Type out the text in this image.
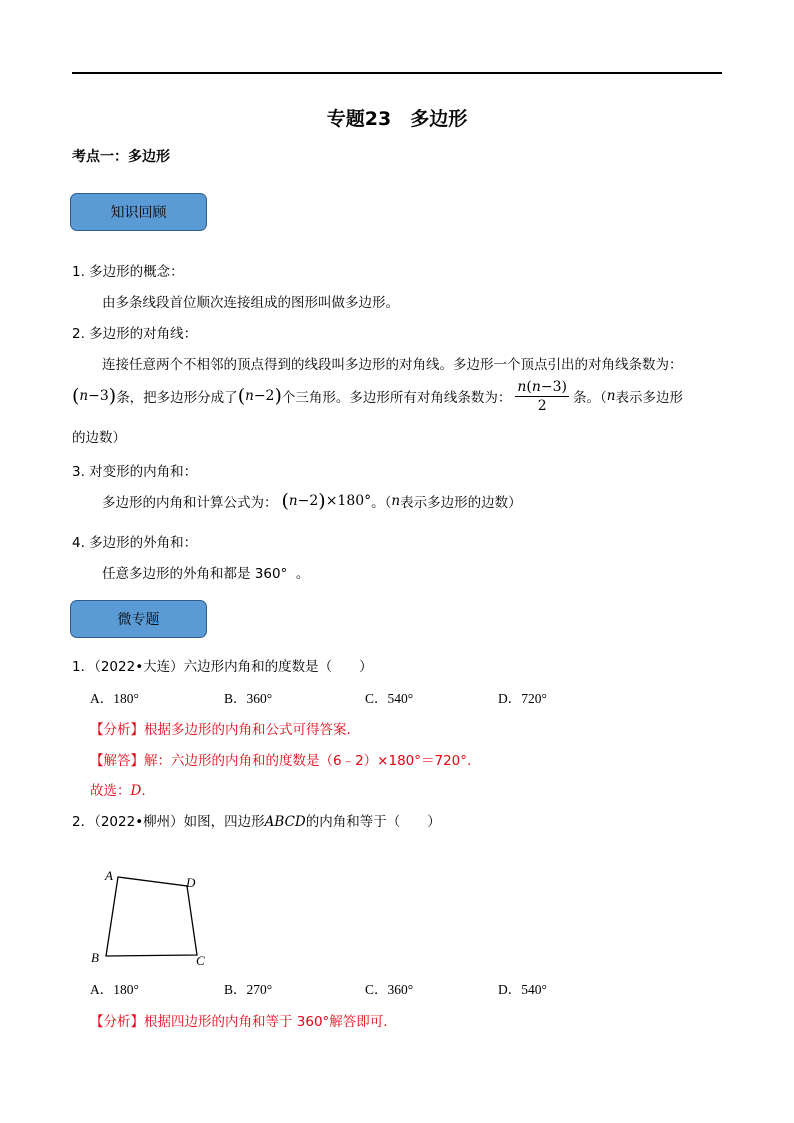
专题23　多边形
考点一：多边形
知识回顾
1. 多边形的概念：
由多条线段首位顺次连接组成的图形叫做多边形。
2. 多边形的对角线：
连接任意两个不相邻的顶点得到的线段叫多边形的对角线。多边形一个顶点引出的对角线条数为：
( n −3 ) 条，把多边形分成了 ( n −2 ) 个三角形。多边形所有对角线条数为： $\frac{n(n-3)}{2}$ 条。（ n 表示多边形
的边数）
3. 对变形的内角和：
多边形的内角和计算公式为： ( n −2 ) ×180° 。（ n 表示多边形的边数）
4. 多边形的外角和：
任意多边形的外角和都是 360°  。
微专题
1．（2022•大连）六边形内角和的度数是（　　）
A．180°	B．360°	C．540°	D．720°
【分析】根据多边形的内角和公式可得答案.
【解答】解：六边形的内角和的度数是（6﹣2）×180°＝720°.
故选：D.
2．（2022•柳州）如图，四边形ABCD的内角和等于（　　）
A	D
B	C
A．180°	B．270°	C．360°	D．540°
【分析】根据四边形的内角和等于 360°解答即可.
